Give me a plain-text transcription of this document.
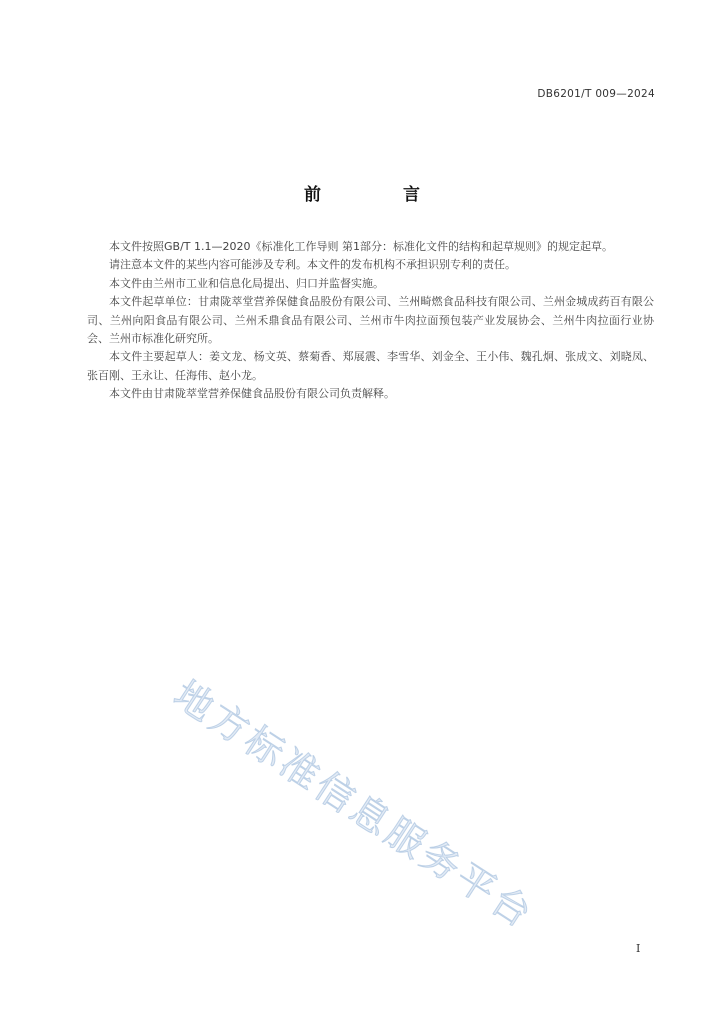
DB6201/T 009—2024
前 言

本文件按照GB/T 1.1—2020《标准化工作导则 第1部分：标准化文件的结构和起草规则》的规定起草。

请注意本文件的某些内容可能涉及专利。本文件的发布机构不承担识别专利的责任。

本文件由兰州市工业和信息化局提出、归口并监督实施。

本文件起草单位：甘肃陇萃堂营养保健食品股份有限公司、兰州畸燃食品科技有限公司、兰州金城成药百有限公司、兰州向阳食品有限公司、兰州禾鼎食品有限公司、兰州市牛肉拉面预包装产业发展协会、兰州牛肉拉面行业协会、兰州市标准化研究所。

本文件主要起草人：姜文龙、杨文英、蔡菊香、郑展震、李雪华、刘金全、王小伟、魏孔炯、张成文、刘晓凤、张百刚、王永让、任海伟、赵小龙。

本文件由甘肃陇萃堂营养保健食品股份有限公司负责解释。

地方标准信息服务平台
I
